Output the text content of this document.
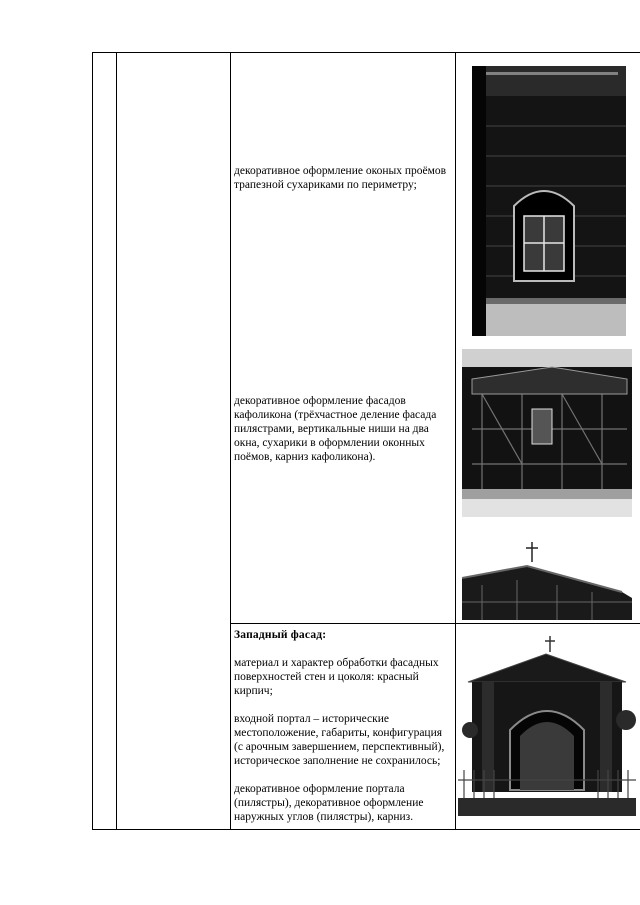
декоративное оформление оконых проёмов трапезной сухариками по периметру;
декоративное оформление фасадов кафоликона (трёхчастное деление фасада пилястрами, вертикальные ниши на два окна, сухарики в оформлении оконных поёмов, карниз кафоликона).

Западный фасад:

материал и характер обработки фасадных поверхностей стен и цоколя: красный кирпич;

входной портал – исторические местоположение, габариты, конфигурация (с арочным завершением, перспективный), историческое заполнение не сохранилось;

декоративное оформление портала (пилястры), декоративное оформление наружных углов (пилястры), карниз.
